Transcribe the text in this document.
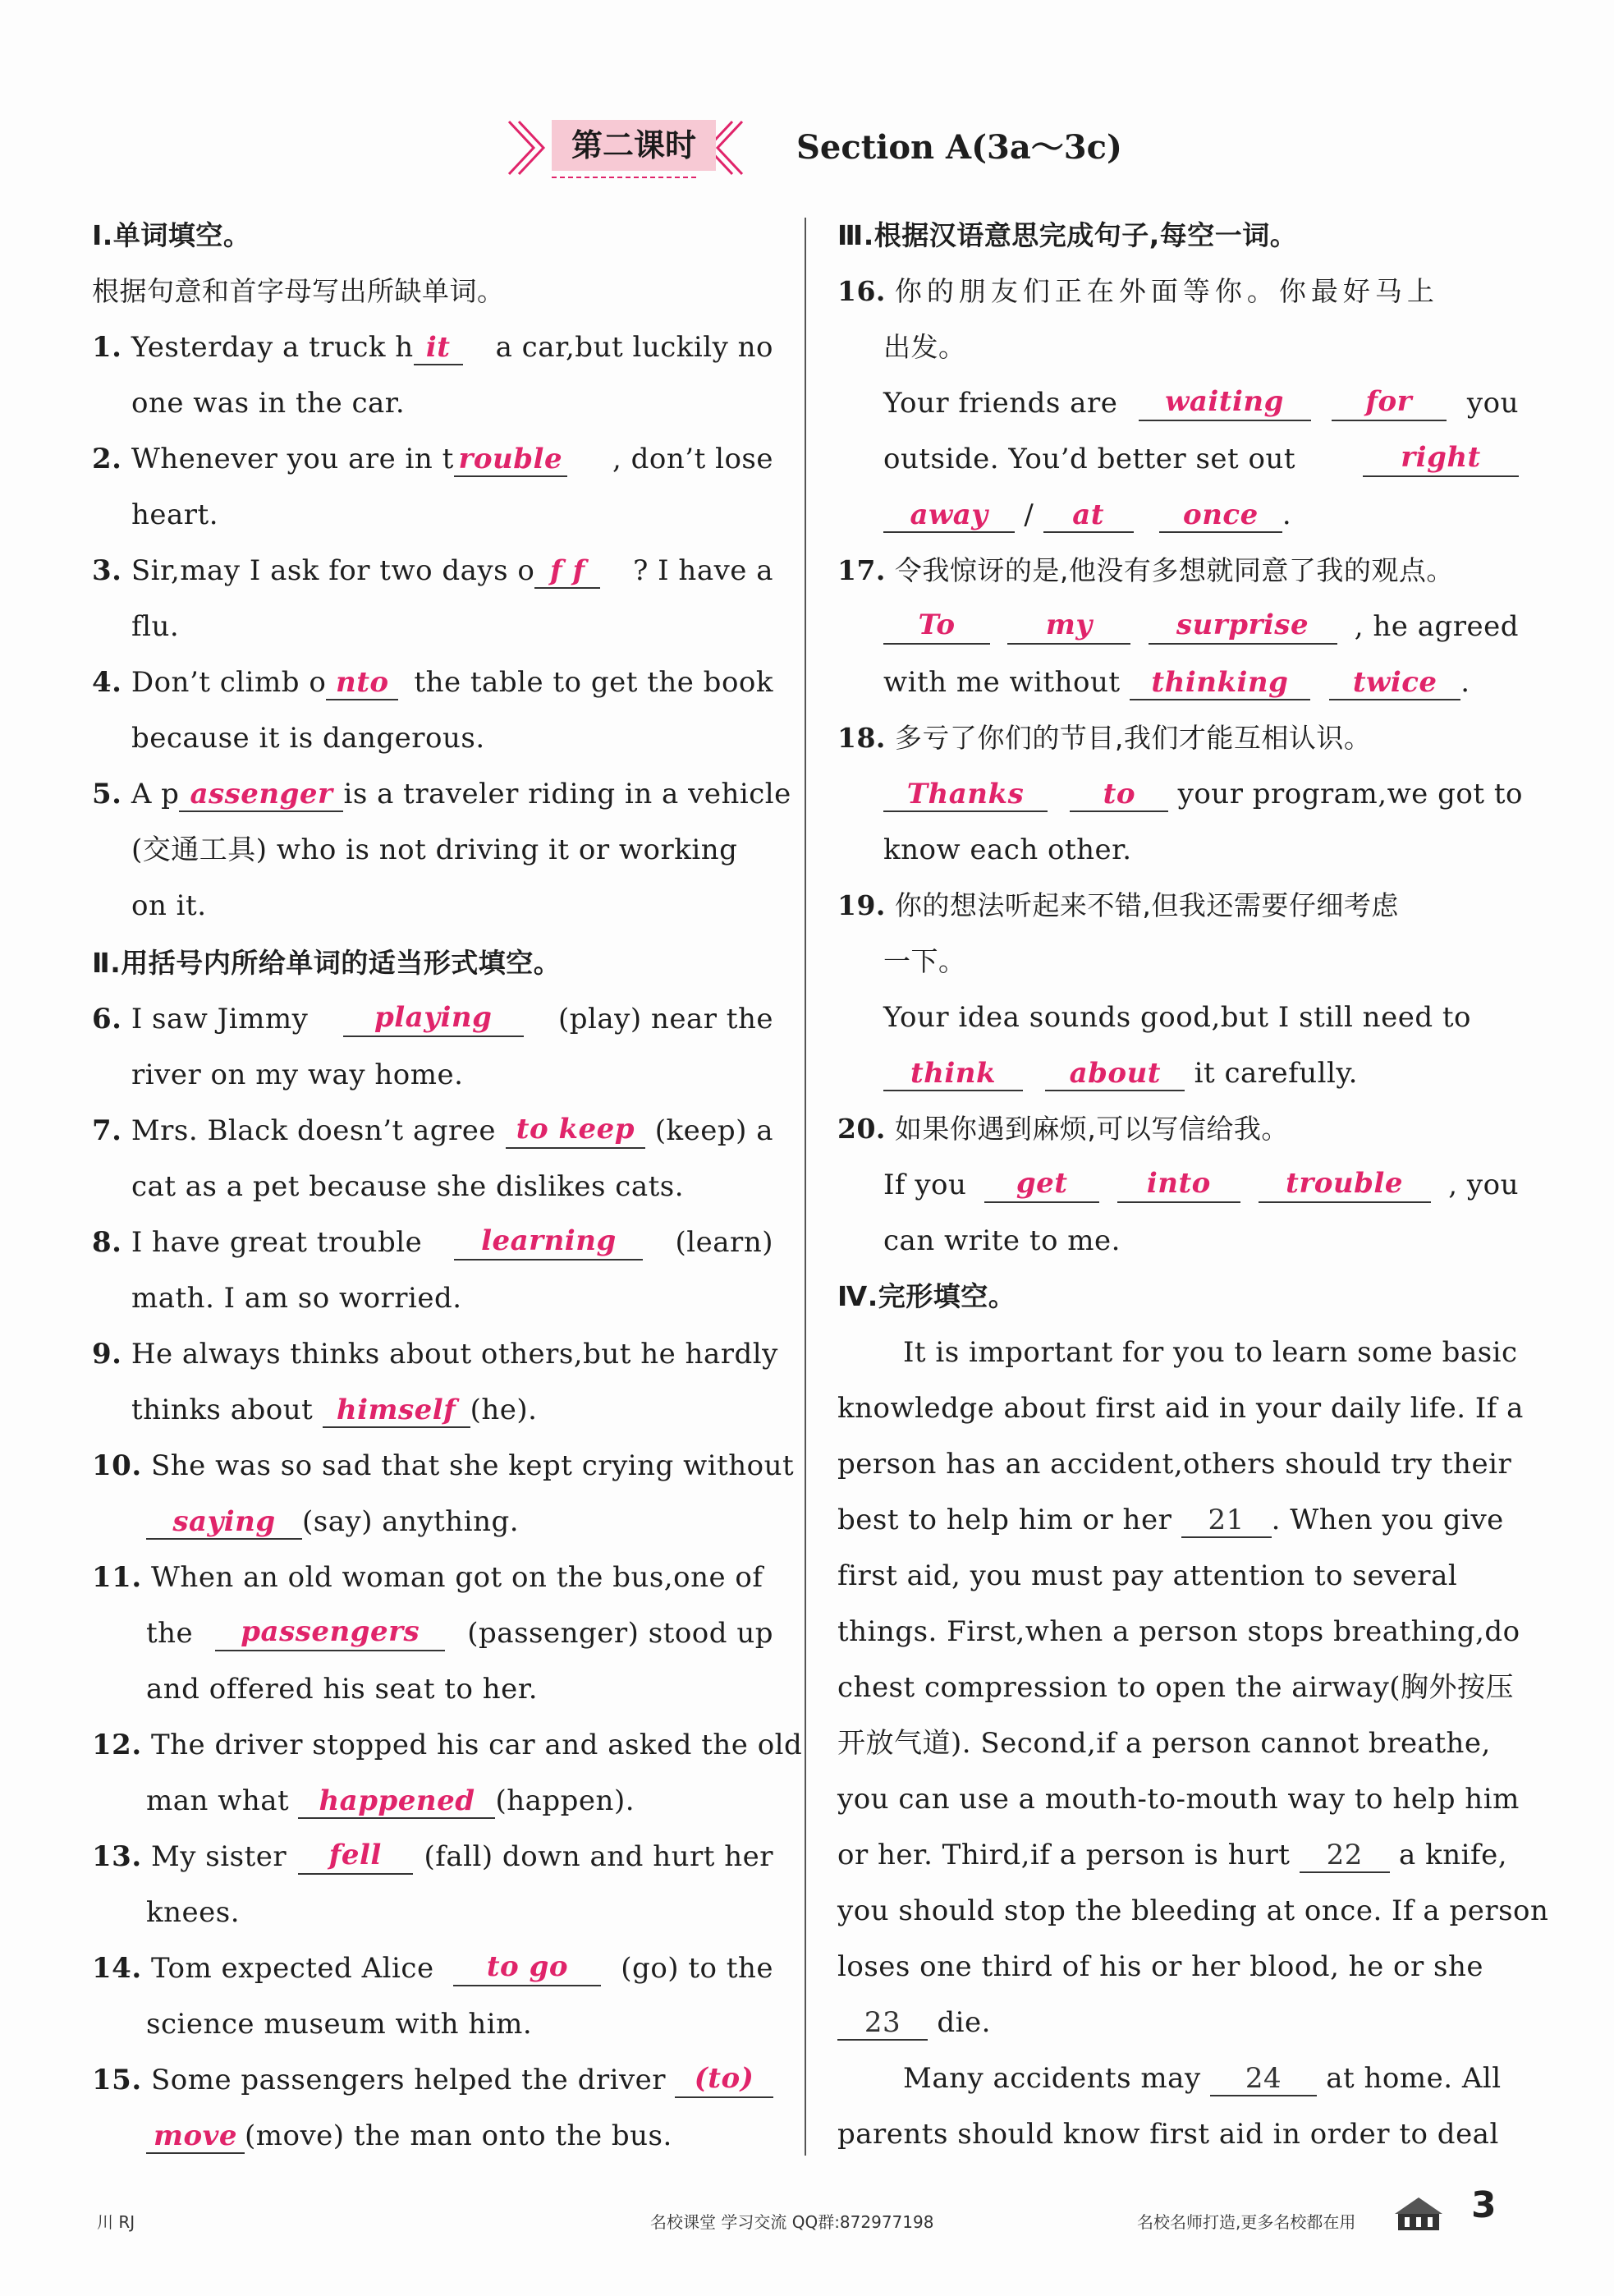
第二课时	Section A(3a～3c)
Ⅰ.单词填空。
根据句意和首字母写出所缺单词。
1. Yesterday a truck h it	a car,but luckily no
one was in the car.
2. Whenever you are in t rouble , don’t lose
heart.
3. Sir,may I ask for two days o f f	? I have a
flu.
4. Don’t climb o nto the table to get the book
because it is dangerous.
5. A p assenger is a traveler riding in a vehicle
(交通工具) who is not driving it or working
on it.
Ⅱ.用括号内所给单词的适当形式填空。
6. I saw Jimmy	playing	(play) near the
river on my way home.
7. Mrs. Black doesn’t agree to keep (keep) a
cat as a pet because she dislikes cats.
8. I have great trouble	learning	(learn)
math. I am so worried.
9. He always thinks about others,but he hardly
thinks about himself (he).
10. She was so sad that she kept crying without
saying (say) anything.
11. When an old woman got on the bus,one of
the	passengers	(passenger) stood up
and offered his seat to her.
12. The driver stopped his car and asked the old
man what happened (happen).
13. My sister	fell	(fall) down and hurt her
knees.
14. Tom expected Alice	to go	(go) to the
science museum with him.
15. Some passengers helped the driver	(to)
move (move) the man onto the bus.
Ⅲ.根据汉语意思完成句子,每空一词。
16. 你的朋友们正在外面等你。你最好马上
出发。
Your friends are	waiting	for	you
outside. You’d better set out	right
away / at	once .
17. 令我惊讶的是,他没有多想就同意了我的观点。
To	my	surprise	, he agreed
with me without thinking twice .
18. 多亏了你们的节目,我们才能互相认识。
Thanks	to your program,we got to
know each other.
19. 你的想法听起来不错,但我还需要仔细考虑
一下。
Your idea sounds good,but I still need to
think	about it carefully.
20. 如果你遇到麻烦,可以写信给我。
If you	get	into	trouble	, you
can write to me.
Ⅳ.完形填空。
It is important for you to learn some basic
knowledge about first aid in your daily life. If a
person has an accident,others should try their
best to help him or her 21 . When you give
first aid, you must pay attention to several
things. First,when a person stops breathing,do
chest compression to open the airway(胸外按压
开放气道). Second,if a person cannot breathe,
you can use a mouth-to-mouth way to help him
or her. Third,if a person is hurt 22 a knife,
you should stop the bleeding at once. If a person
loses one third of his or her blood, he or she
23 die.
Many accidents may 24 at home. All
parents should know first aid in order to deal
川 RJ	名校课堂 学习交流 QQ群:872977198	名校名师打造,更多名校都在用	3
